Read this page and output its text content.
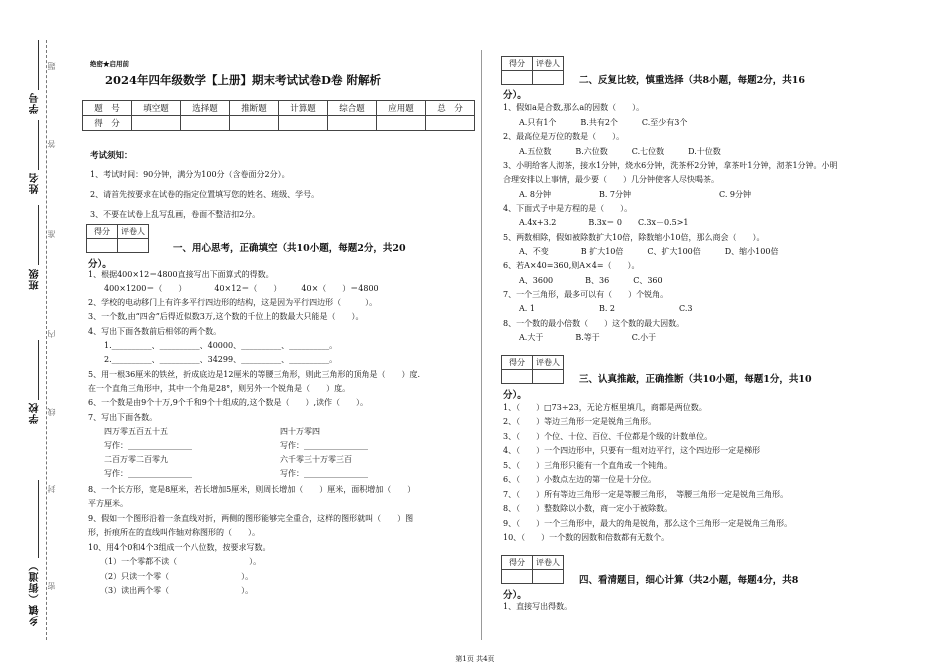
学号
姓名
班级
学校
乡镇（街道）
题
答
准
内
线
封
密
绝密★启用前
2024年四年级数学【上册】期末考试试卷D卷 附解析
题　号	填空题	选择题	推断题	计算题	综合题	应用题	总　分
得　分							
考试须知：
1、考试时间：90分钟，满分为100分（含卷面分2分）。
2、请首先按要求在试卷的指定位置填写您的姓名、班级、学号。
3、不要在试卷上乱写乱画，卷面不整洁扣2分。
得分	评卷人

一、用心思考，正确填空（共10小题，每题2分，共20
分）。
1、根据400×12＝4800直接写出下面算式的得数。
　　400×1200＝（　　）　　　　40×12＝（　　）　　　40×（　　）＝4800
2、学校的电动移门上有许多平行四边形的结构，这是因为平行四边形（　　　）。
3、一个数,由“四舍”后得近似数3万,这个数的千位上的数最大只能是（　　）。
4、写出下面各数前后相邻的两个数。
　　1.__________、__________、40000、__________、__________。
　　2.__________、__________、34299、__________、__________。
5、用一根36厘米的铁丝，折成底边是12厘米的等腰三角形，则此三角形的顶角是（　　）度.
在一个直角三角形中，其中一个角是28°，则另外一个锐角是（　　）度。
6、一个数是由9个十万,9个千和9个十组成的,这个数是（　　）,读作（　　）。
7、写出下面各数。
　　四万零五百五十五　　　　　　　　　　　　　　四十万零四
　　写作：________________　　　　　　　　　　　写作：________________
　　二百万零二百零九　　　　　　　　　　　　　　六千零三十万零三百
　　写作：________________　　　　　　　　　　　写作：________________
8、一个长方形，宽是8厘米，若长增加5厘米，则周长增加（　　）厘米，面积增加（　　）
平方厘米。
9、假如一个图形沿着一条直线对折，两侧的图形能够完全重合，这样的图形就叫（　　）图
形，折痕所在的直线叫作轴对称图形的（　　）。
10、用4个0和4个3组成一个八位数，按要求写数。
　　（1）一个零都不读（　　　　　　　　　）。
　　（2）只读一个零（　　　　　　　　　）。
　　（3）读出两个零（　　　　　　　　　）。
得分	评卷人

二、反复比较，慎重选择（共8小题，每题2分，共16
分）。
1、假如a是合数,那么a的因数（　　）。
　　A.只有1个　　　B.共有2个　　　C.至少有3个
2、最高位是万位的数是（　　）。
　　A.五位数　　　B.六位数　　　C.七位数　　　D.十位数
3、小明给客人沏茶，接水1分钟，烧水6分钟，洗茶杯2分钟，拿茶叶1分钟，沏茶1分钟。小明
合理安排以上事情，最少要（　　）几分钟使客人尽快喝茶。
　　A. 8分钟　　　　　　B. 7分钟　　　　　　　　　　　C. 9分钟
4、下面式子中是方程的是（　　）。
　　A.4x+3.2　　　　B.3x＝ 0　　C.3x－0.5>1
5、两数相除，假如被除数扩大10倍，除数缩小10倍，那么商会（　　）。
　　A、不变　　　　B 扩大10倍　　　C、扩大100倍　　　D、缩小100倍
6、若A×40=360,则A×4=（　　）。
　　A、3600　　　　B、36　　　C、360
7、一个三角形，最多可以有（　　）个锐角。
　　A. 1　　　　　　　　B. 2　　　　　　　　C.3
8、一个数的最小倍数（　　）这个数的最大因数。
　　A.大于　　　　B.等于　　　　C.小于
得分	评卷人

三、认真推敲，正确推断（共10小题，每题1分，共10
分）。
1、（　　）□73÷23，无论方框里填几，商都是两位数。
2、（　　）等边三角形一定是锐角三角形。
3、（　　）个位、十位、百位、千位都是个级的计数单位。
4、（　　）一个四边形中，只要有一组对边平行，这个四边形一定是梯形
5、（　　）三角形只能有一个直角或一个钝角。
6、（　　）小数点左边的第一位是十分位。
7、（　　）所有等边三角形一定是等腰三角形，　等腰三角形一定是锐角三角形。
8、（　　）整数除以小数，商一定小于被除数。
9、（　　）一个三角形中，最大的角是锐角，那么这个三角形一定是锐角三角形。
10、（　　）一个数的因数和倍数都有无数个。
得分	评卷人

四、看清题目，细心计算（共2小题，每题4分，共8
分）。
1、直接写出得数。
第1页 共4页
